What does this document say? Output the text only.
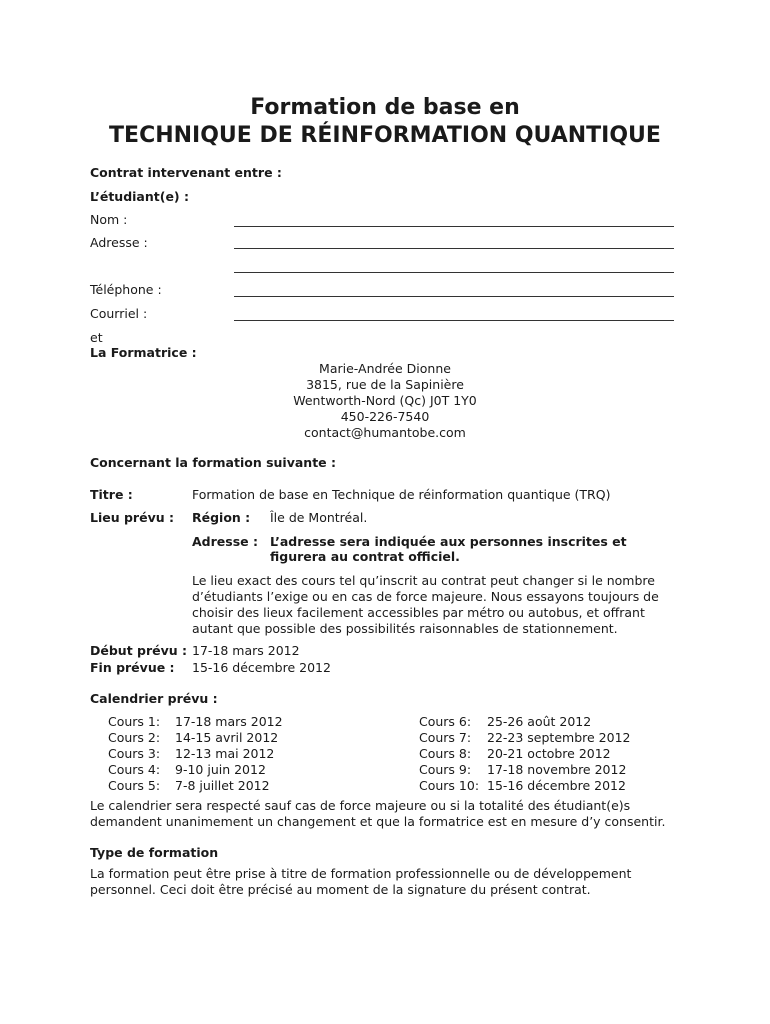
Formation de base en
TECHNIQUE DE RÉINFORMATION QUANTIQUE
Contrat intervenant entre :
L’étudiant(e) :
Nom :
Adresse :
Téléphone :
Courriel :
et
La Formatrice :
Marie-Andrée Dionne
3815, rue de la Sapinière
Wentworth-Nord (Qc) J0T 1Y0
450-226-7540
contact@humantobe.com
Concernant la formation suivante :
Titre :	Formation de base en Technique de réinformation quantique (TRQ)
Lieu prévu : Région : Île de Montréal.
Adresse : L’adresse sera indiquée aux personnes inscrites et
figurera au contrat officiel.
Le lieu exact des cours tel qu’inscrit au contrat peut changer si le nombre
d’étudiants l’exige ou en cas de force majeure. Nous essayons toujours de
choisir des lieux facilement accessibles par métro ou autobus, et offrant
autant que possible des possibilités raisonnables de stationnement.
Début prévu : 17-18 mars 2012
Fin prévue : 15-16 décembre 2012
Calendrier prévu :
Cours 1: 17-18 mars 2012
Cours 2: 14-15 avril 2012
Cours 3: 12-13 mai 2012
Cours 4: 9-10 juin 2012
Cours 5: 7-8 juillet 2012
Cours 6: 25-26 août 2012
Cours 7: 22-23 septembre 2012
Cours 8: 20-21 octobre 2012
Cours 9: 17-18 novembre 2012
Cours 10: 15-16 décembre 2012
Le calendrier sera respecté sauf cas de force majeure ou si la totalité des étudiant(e)s
demandent unanimement un changement et que la formatrice est en mesure d’y consentir.
Type de formation
La formation peut être prise à titre de formation professionnelle ou de développement
personnel. Ceci doit être précisé au moment de la signature du présent contrat.
